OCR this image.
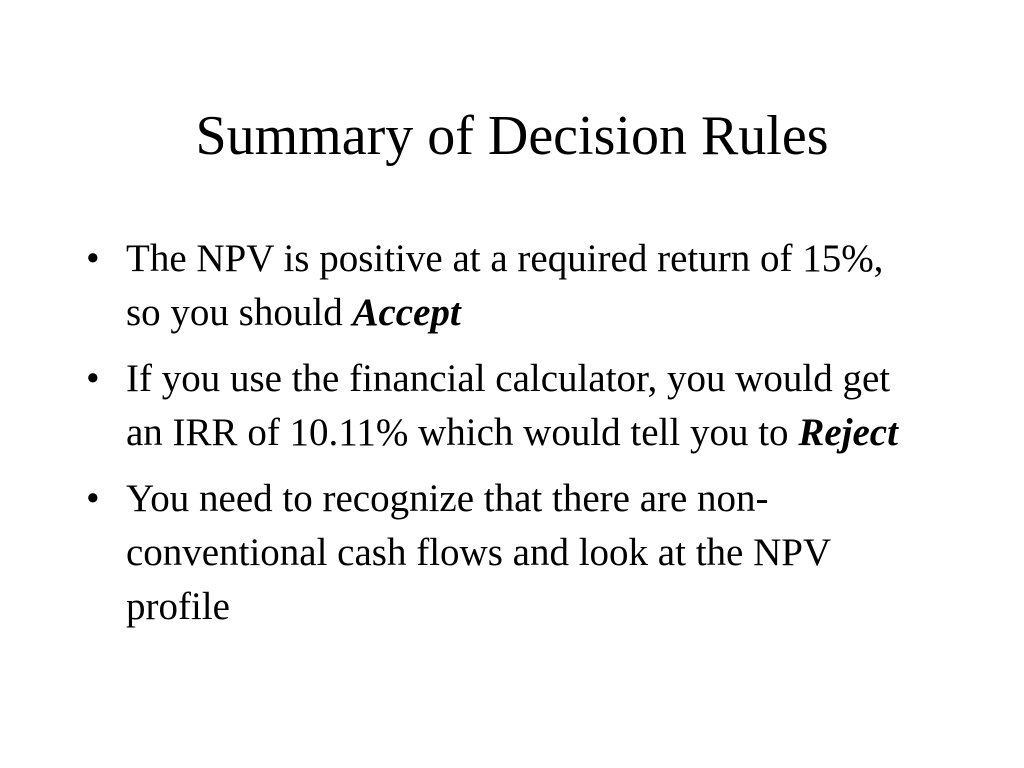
Summary of Decision Rules
• The NPV is positive at a required return of 15%, so you should Accept
• If you use the financial calculator, you would get an IRR of 10.11% which would tell you to Reject
• You need to recognize that there are non-conventional cash flows and look at the NPV profile
